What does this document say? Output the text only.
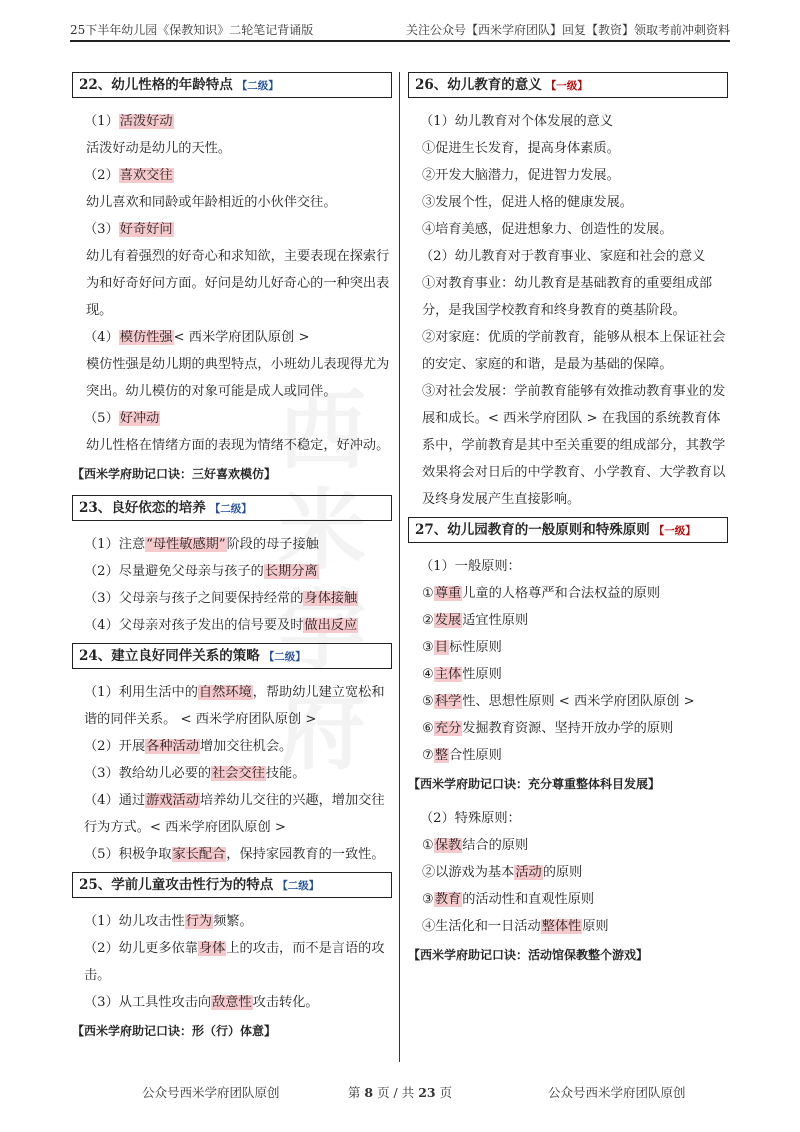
25下半年幼儿园《保教知识》二轮笔记背诵版	关注公众号【西米学府团队】回复【教资】领取考前冲刺资料
22、幼儿性格的年龄特点 【二级】
（1）活泼好动
活泼好动是幼儿的天性。
（2）喜欢交往
幼儿喜欢和同龄或年龄相近的小伙伴交往。
（3）好奇好问
幼儿有着强烈的好奇心和求知欲，主要表现在探索行为和好奇好问方面。好问是幼儿好奇心的一种突出表现。
（4）模仿性强< 西米学府团队原创 >
模仿性强是幼儿期的典型特点，小班幼儿表现得尤为突出。幼儿模仿的对象可能是成人或同伴。
（5）好冲动
幼儿性格在情绪方面的表现为情绪不稳定，好冲动。
【西米学府助记口诀：三好喜欢模仿】
23、良好依恋的培养 【二级】
（1）注意“母性敏感期”阶段的母子接触
（2）尽量避免父母亲与孩子的长期分离
（3）父母亲与孩子之间要保持经常的身体接触
（4）父母亲对孩子发出的信号要及时做出反应
24、建立良好同伴关系的策略 【二级】
（1）利用生活中的自然环境，帮助幼儿建立宽松和谐的同伴关系。 < 西米学府团队原创 >
（2）开展各种活动增加交往机会。
（3）教给幼儿必要的社会交往技能。
（4）通过游戏活动培养幼儿交往的兴趣，增加交往行为方式。< 西米学府团队原创 >
（5）积极争取家长配合，保持家园教育的一致性。
25、学前儿童攻击性行为的特点 【二级】
（1）幼儿攻击性行为频繁。
（2）幼儿更多依靠身体上的攻击，而不是言语的攻击。
（3）从工具性攻击向敌意性攻击转化。
【西米学府助记口诀：形（行）体意】
26、幼儿教育的意义 【一级】
（1）幼儿教育对个体发展的意义
①促进生长发育，提高身体素质。
②开发大脑潜力，促进智力发展。
③发展个性，促进人格的健康发展。
④培育美感，促进想象力、创造性的发展。
（2）幼儿教育对于教育事业、家庭和社会的意义
①对教育事业：幼儿教育是基础教育的重要组成部分，是我国学校教育和终身教育的奠基阶段。
②对家庭：优质的学前教育，能够从根本上保证社会的安定、家庭的和谐，是最为基础的保障。
③对社会发展：学前教育能够有效推动教育事业的发展和成长。< 西米学府团队 > 在我国的系统教育体系中，学前教育是其中至关重要的组成部分，其教学效果将会对日后的中学教育、小学教育、大学教育以及终身发展产生直接影响。
27、幼儿园教育的一般原则和特殊原则 【一级】
（1）一般原则：
①尊重儿童的人格尊严和合法权益的原则
②发展适宜性原则
③目标性原则
④主体性原则
⑤科学性、思想性原则 < 西米学府团队原创 >
⑥充分发掘教育资源、坚持开放办学的原则
⑦整合性原则
【西米学府助记口诀：充分尊重整体科目发展】
（2）特殊原则：
①保教结合的原则
②以游戏为基本活动的原则
③教育的活动性和直观性原则
④生活化和一日活动整体性原则
【西米学府助记口诀：活动馆保教整个游戏】
公众号西米学府团队原创	第 8 页 / 共 23 页	公众号西米学府团队原创
